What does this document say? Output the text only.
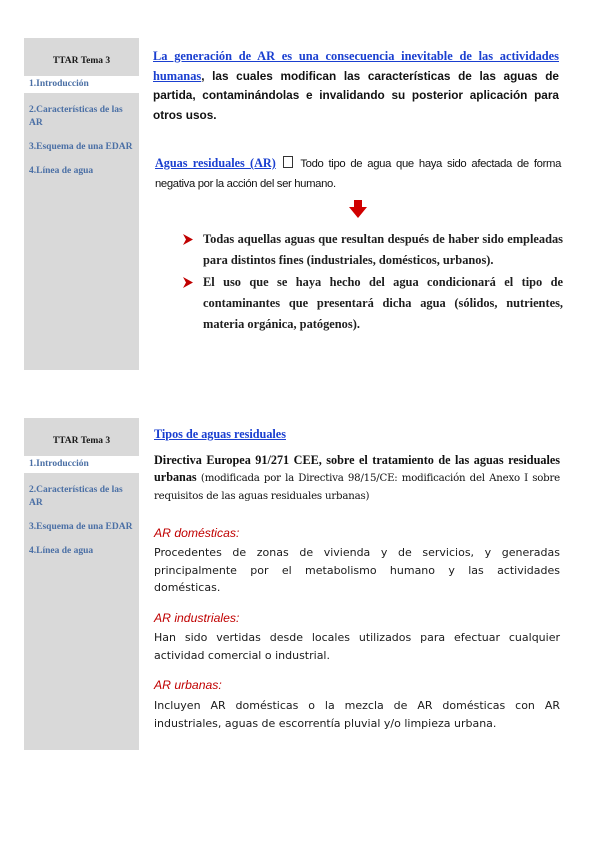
TTAR Tema 3
1.Introducción
2.Características de las AR
3.Esquema de una EDAR
4.Línea de agua
La generación de AR es una consecuencia inevitable de las actividades humanas, las cuales modifican las características de las aguas de partida, contaminándolas e invalidando su posterior aplicación para otros usos.
Aguas residuales (AR) Todo tipo de agua que haya sido afectada de forma negativa por la acción del ser humano.
Todas aquellas aguas que resultan después de haber sido empleadas para distintos fines (industriales, domésticos, urbanos).
El uso que se haya hecho del agua condicionará el tipo de contaminantes que presentará dicha agua (sólidos, nutrientes, materia orgánica, patógenos).
TTAR Tema 3
1.Introducción
2.Características de las AR
3.Esquema de una EDAR
4.Línea de agua
Tipos de aguas residuales
Directiva Europea 91/271 CEE, sobre el tratamiento de las aguas residuales urbanas (modificada por la Directiva 98/15/CE: modificación del Anexo I sobre requisitos de las aguas residuales urbanas)
AR domésticas:
Procedentes de zonas de vivienda y de servicios, y generadas principalmente por el metabolismo humano y las actividades domésticas.
AR industriales:
Han sido vertidas desde locales utilizados para efectuar cualquier actividad comercial o industrial.
AR urbanas:
Incluyen AR domésticas o la mezcla de AR domésticas con AR industriales, aguas de escorrentía pluvial y/o limpieza urbana.
